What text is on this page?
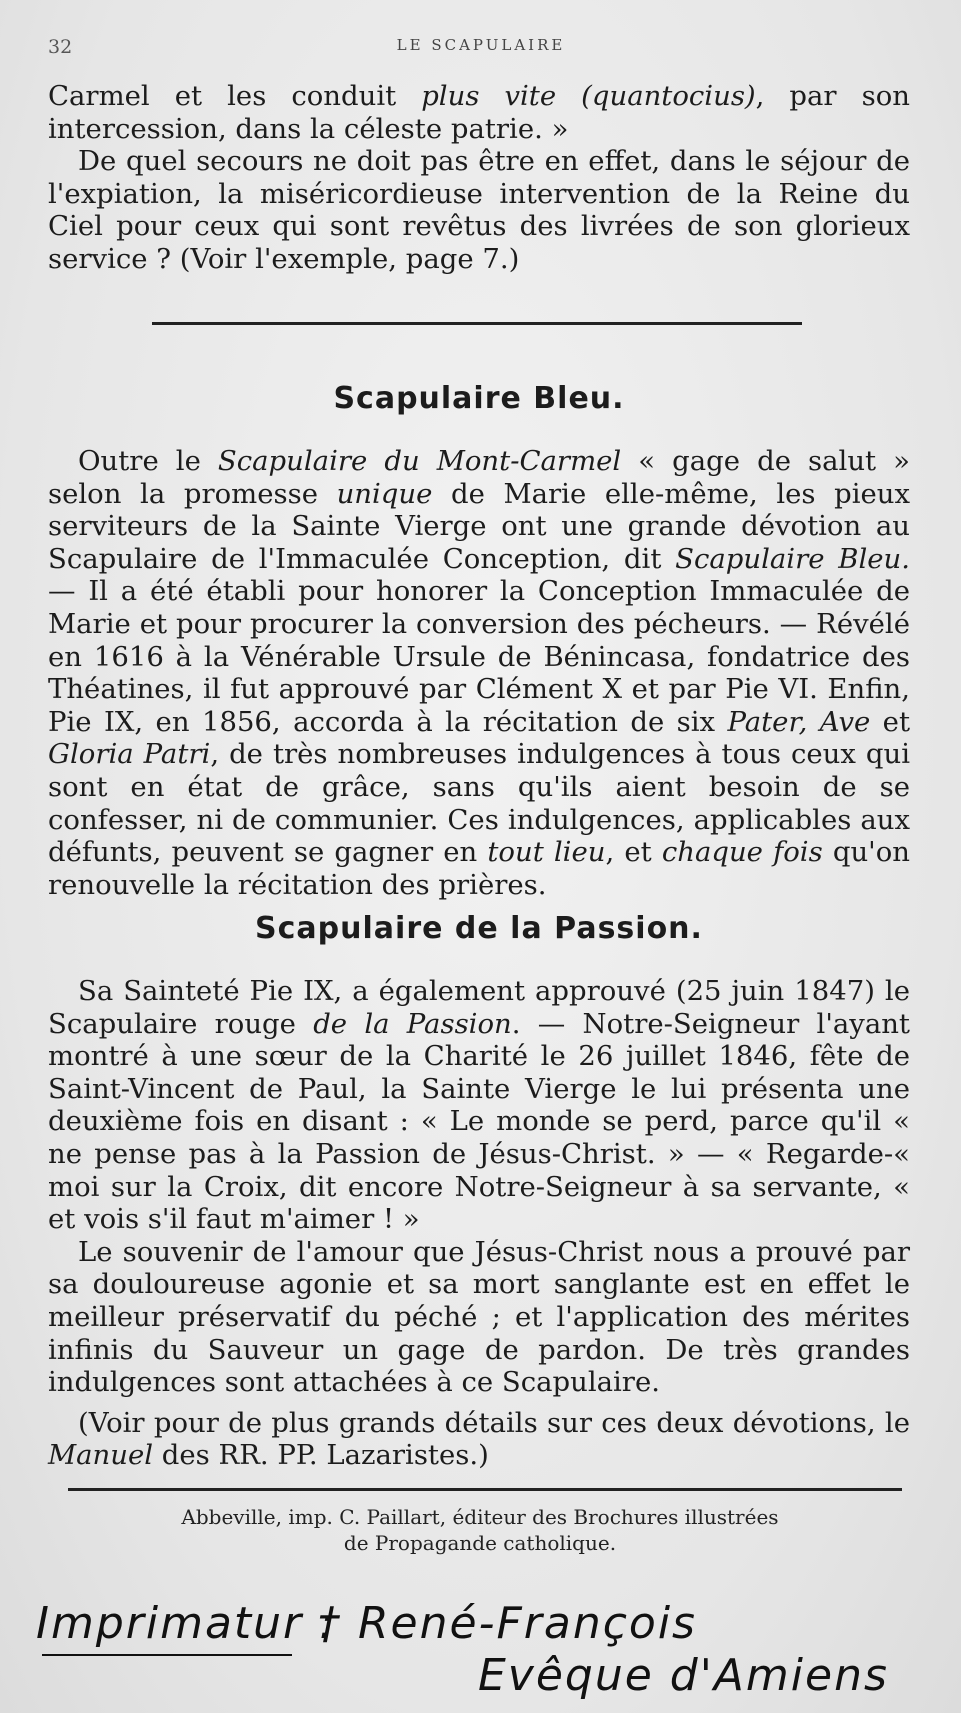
32	LE SCAPULAIRE

Carmel et les conduit plus vite (quantocius), par son intercession, dans la céleste patrie. »

De quel secours ne doit pas être en effet, dans le séjour de l'expiation, la miséricordieuse intervention de la Reine du Ciel pour ceux qui sont revêtus des livrées de son glorieux service ? (Voir l'exemple, page 7.)

Scapulaire Bleu.

Outre le Scapulaire du Mont-Carmel « gage de salut » selon la promesse unique de Marie elle-même, les pieux serviteurs de la Sainte Vierge ont une grande dévotion au Scapulaire de l'Immaculée Conception, dit Scapulaire Bleu. — Il a été établi pour honorer la Conception Immaculée de Marie et pour procurer la conversion des pécheurs. — Révélé en 1616 à la Vénérable Ursule de Bénincasa, fondatrice des Théatines, il fut approuvé par Clément X et par Pie VI. Enfin, Pie IX, en 1856, accorda à la récitation de six Pater, Ave et Gloria Patri, de très nombreuses indulgences à tous ceux qui sont en état de grâce, sans qu'ils aient besoin de se confesser, ni de communier. Ces indulgences, applicables aux défunts, peuvent se gagner en tout lieu, et chaque fois qu'on renouvelle la récitation des prières.

Scapulaire de la Passion.

Sa Sainteté Pie IX, a également approuvé (25 juin 1847) le Scapulaire rouge de la Passion. — Notre-Seigneur l'ayant montré à une sœur de la Charité le 26 juillet 1846, fête de Saint-Vincent de Paul, la Sainte Vierge le lui présenta une deuxième fois en disant : « Le monde se perd, parce qu'il « ne pense pas à la Passion de Jésus-Christ. » — « Regarde-« moi sur la Croix, dit encore Notre-Seigneur à sa servante, « et vois s'il faut m'aimer ! »

Le souvenir de l'amour que Jésus-Christ nous a prouvé par sa douloureuse agonie et sa mort sanglante est en effet le meilleur préservatif du péché ; et l'application des mérites infinis du Sauveur un gage de pardon. De très grandes indulgences sont attachées à ce Scapulaire.

(Voir pour de plus grands détails sur ces deux dévotions, le Manuel des RR. PP. Lazaristes.)

Abbeville, imp. C. Paillart, éditeur des Brochures illustrées
de Propagande catholique.
Imprimatur :
† René-François
Evêque d'Amiens
